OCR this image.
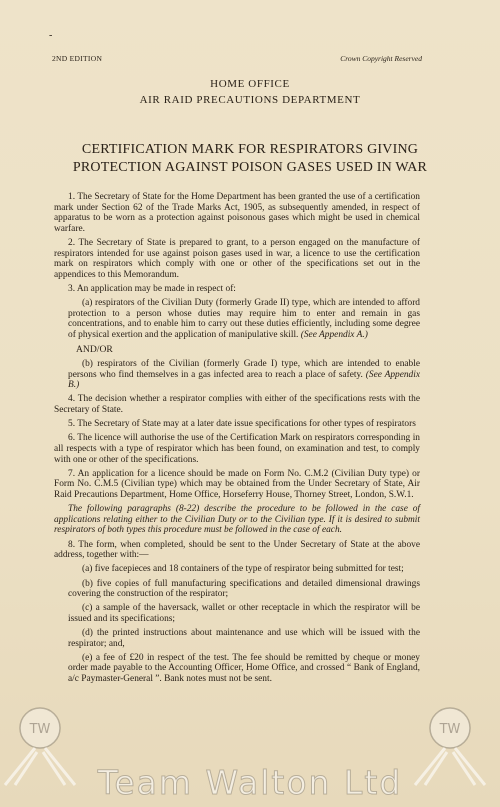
-
2ND EDITION	Crown Copyright Reserved
HOME OFFICE
AIR RAID PRECAUTIONS DEPARTMENT
CERTIFICATION MARK FOR RESPIRATORS GIVING
PROTECTION AGAINST POISON GASES USED IN WAR

1. The Secretary of State for the Home Department has been granted the use of a certification mark under Section 62 of the Trade Marks Act, 1905, as subsequently amended, in respect of apparatus to be worn as a protection against poisonous gases which might be used in chemical warfare.

2. The Secretary of State is prepared to grant, to a person engaged on the manufacture of respirators intended for use against poison gases used in war, a licence to use the certification mark on respirators which comply with one or other of the specifications set out in the appendices to this Memorandum.

3. An application may be made in respect of:

(a) respirators of the Civilian Duty (formerly Grade II) type, which are intended to afford protection to a person whose duties may require him to enter and remain in gas concentrations, and to enable him to carry out these duties efficiently, including some degree of physical exertion and the application of manipulative skill. (See Appendix A.)

AND/OR

(b) respirators of the Civilian (formerly Grade I) type, which are intended to enable persons who find themselves in a gas infected area to reach a place of safety. (See Appendix B.)

4. The decision whether a respirator complies with either of the specifications rests with the Secretary of State.

5. The Secretary of State may at a later date issue specifications for other types of respirators

6. The licence will authorise the use of the Certification Mark on respirators corresponding in all respects with a type of respirator which has been found, on examination and test, to comply with one or other of the specifications.

7. An application for a licence should be made on Form No. C.M.2 (Civilian Duty type) or Form No. C.M.5 (Civilian type) which may be obtained from the Under Secretary of State, Air Raid Precautions Department, Home Office, Horseferry House, Thorney Street, London, S.W.1.

The following paragraphs (8-22) describe the procedure to be followed in the case of applications relating either to the Civilian Duty or to the Civilian type. If it is desired to submit respirators of both types this procedure must be followed in the case of each.

8. The form, when completed, should be sent to the Under Secretary of State at the above address, together with:—

(a) five facepieces and 18 containers of the type of respirator being submitted for test;

(b) five copies of full manufacturing specifications and detailed dimensional drawings covering the construction of the respirator;

(c) a sample of the haversack, wallet or other receptacle in which the respirator will be issued and its specifications;

(d) the printed instructions about maintenance and use which will be issued with the respirator; and,

(e) a fee of £20 in respect of the test. The fee should be remitted by cheque or money order made payable to the Accounting Officer, Home Office, and crossed “ Bank of England, a/c Paymaster-General ”. Bank notes must not be sent.

TW	TW
Team Walton Ltd
